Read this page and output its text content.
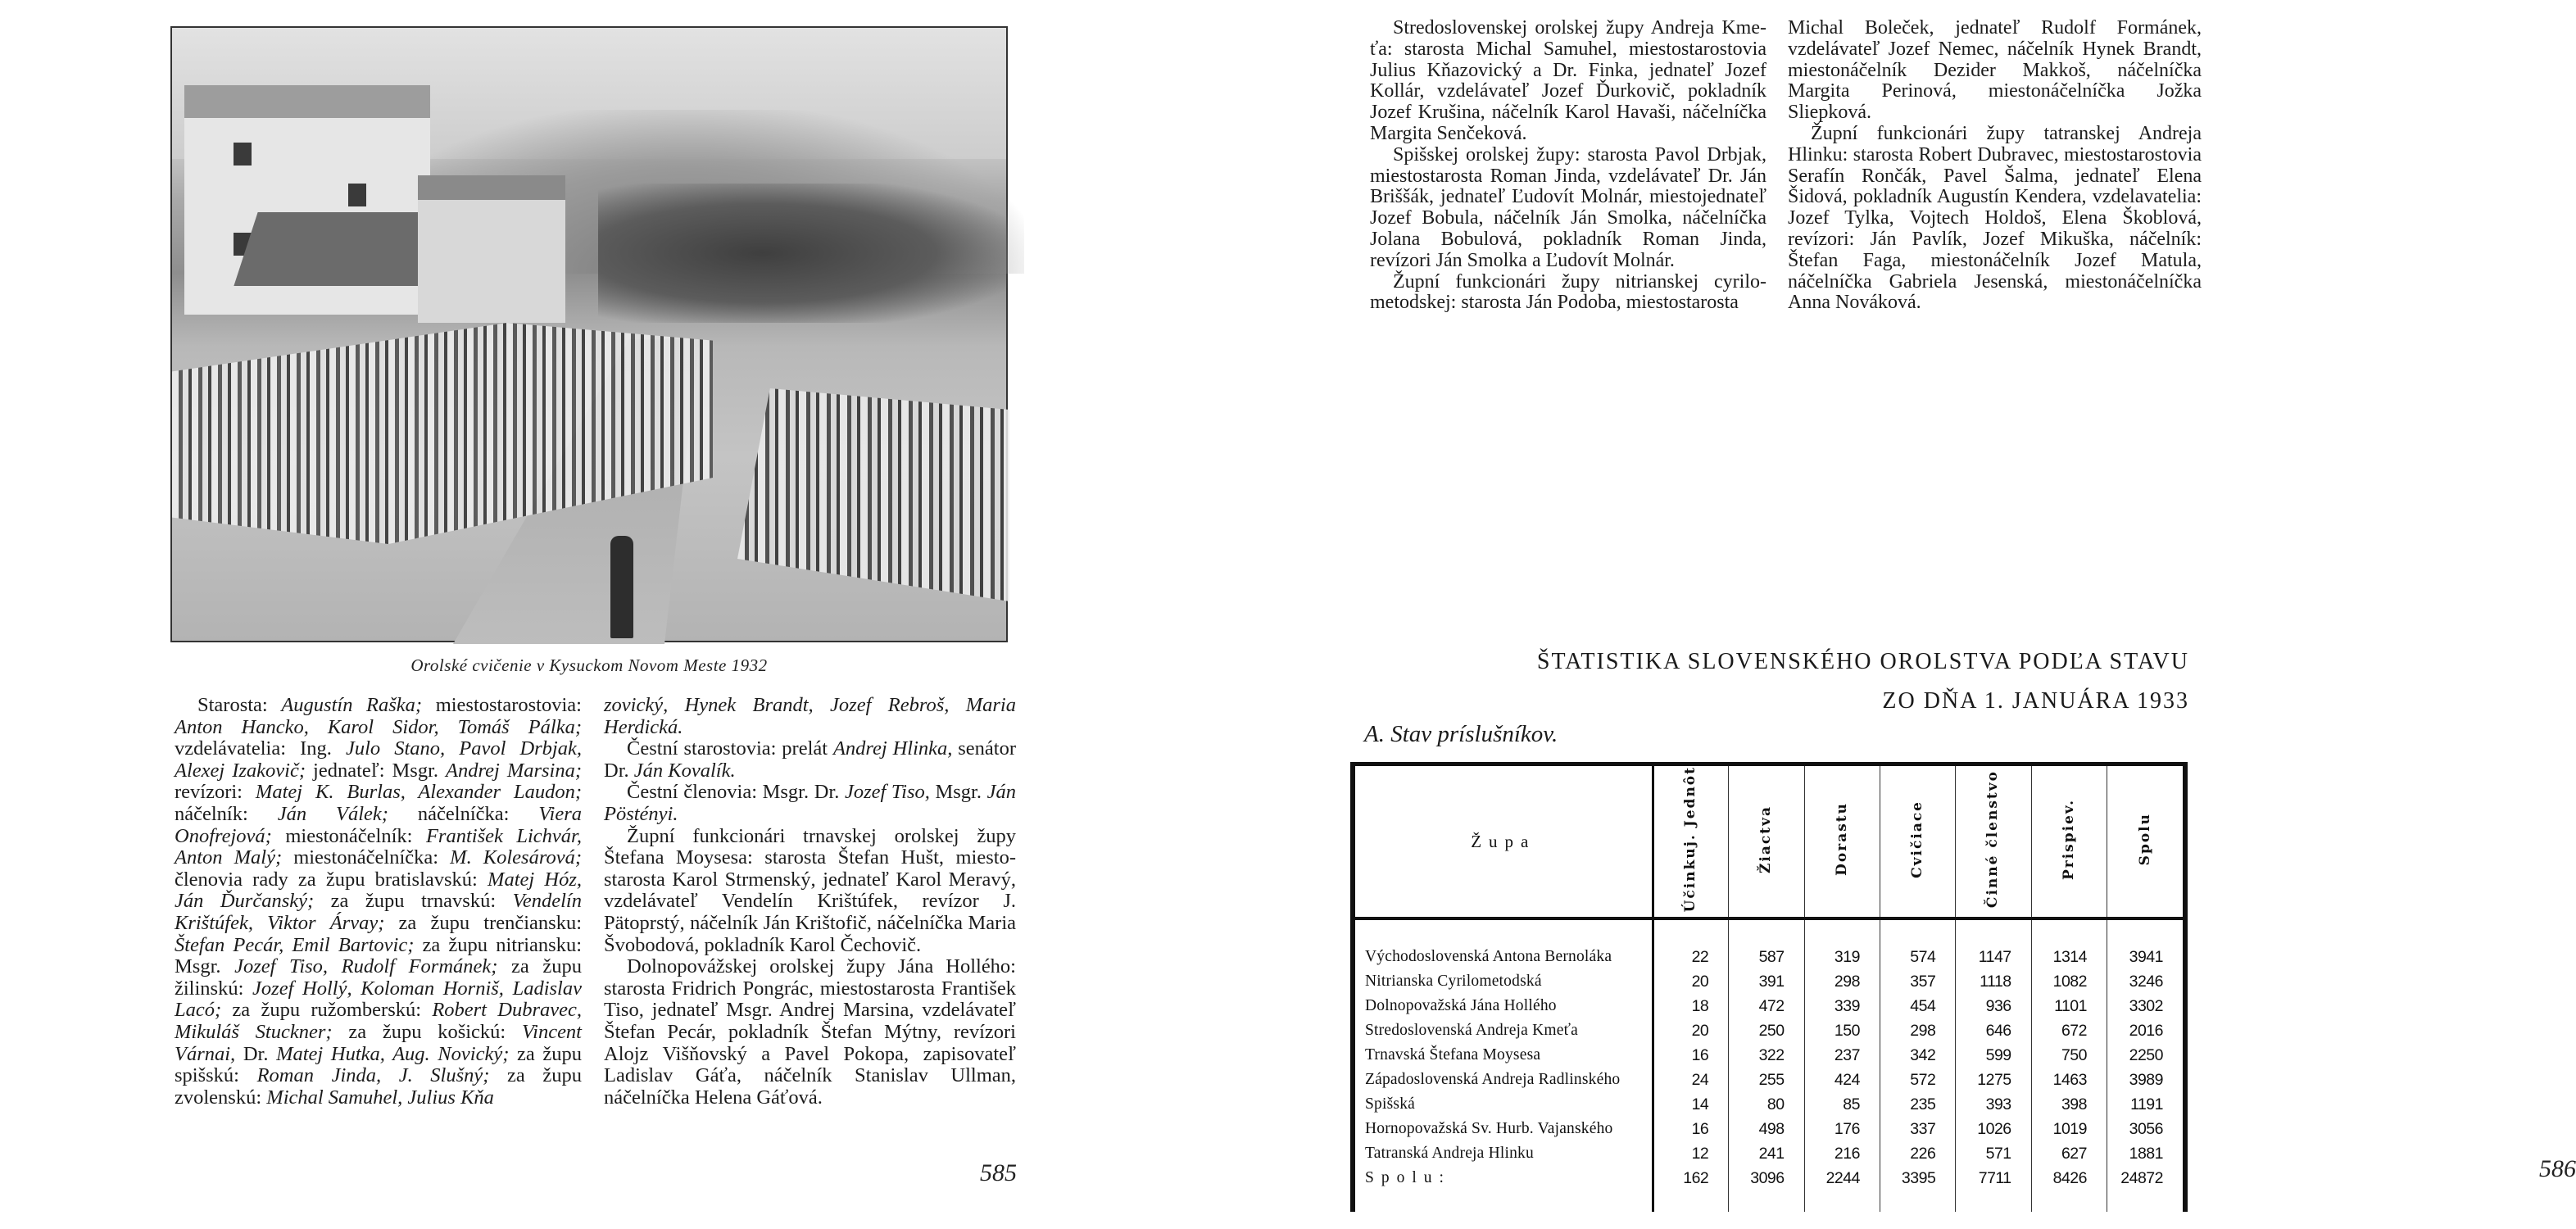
Orolské cvičenie v Kysuckom Novom Meste 1932

Starosta: Augustín Raška; miestostarostovia: Anton Hancko, Karol Sidor, Tomáš Pálka; vzdelávatelia: Ing. Julo Stano, Pavol Drbjak, Alexej Izakovič; jednateľ: Msgr. Andrej Marsina; revízori: Matej K. Burlas, Alexander Laudon; náčelník: Ján Válek; náčelníčka: Viera Onofrejová; miestonáčelník: František Lichvár, Anton Malý; miestonáčelníčka: M. Kolesárová; členovia rady za župu bratislavskú: Matej Hóz, Ján Ďurčanský; za župu trnavskú: Vendelín Krištúfek, Viktor Árvay; za župu trenčiansku: Štefan Pecár, Emil Bartovic; za župu nitriansku: Msgr. Jozef Tiso, Rudolf Formánek; za župu žilinskú: Jozef Hollý, Koloman Horniš, Ladislav Lacó; za župu ružomberskú: Robert Dubravec, Mikuláš Stuckner; za župu košickú: Vincent Várnai, Dr. Matej Hutka, Aug. Novický; za župu spišskú: Roman Jinda, J. Slušný; za župu zvolenskú: Michal Samuhel, Julius Kňa

zovický, Hynek Brandt, Jozef Rebroš, Maria Herdická.

Čestní starostovia: prelát Andrej Hlinka, senátor Dr. Ján Kovalík.

Čestní členovia: Msgr. Dr. Jozef Tiso, Msgr. Ján Pöstényi.

Župní funkcionári trnavskej orolskej župy Štefana Moysesa: starosta Štefan Hušt, miestostarosta Karol Strmenský, jednateľ Karol Meravý, vzdelávateľ Vendelín Krištúfek, revízor J. Pätoprstý, náčelník Ján Krištofič, náčelníčka Maria Švobodová, pokladník Karol Čechovič.

Dolnopovážskej orolskej župy Jána Hollého: starosta Fridrich Pongrác, miestostarosta František Tiso, jednateľ Msgr. Andrej Marsina, vzdelávateľ Štefan Pecár, pokladník Štefan Mýtny, revízori Alojz Višňovský a Pavel Pokopa, zapisovateľ Ladislav Gáťa, náčelník Stanislav Ullman, náčelníčka Helena Gáťová.

585

Stredoslovenskej orolskej župy Andreja Kmeťa: starosta Michal Samuhel, miestostarostovia Julius Kňazovický a Dr. Finka, jednateľ Jozef Kollár, vzdelávateľ Jozef Ďurkovič, pokladník Jozef Krušina, náčelník Karol Havaši, náčelníčka Margita Senčeková.

Spišskej orolskej župy: starosta Pavol Drbjak, miestostarosta Roman Jinda, vzdelávateľ Dr. Ján Briššák, jednateľ Ľudovít Molnár, miestojednateľ Jozef Bobula, náčelník Ján Smolka, náčelníčka Jolana Bobulová, pokladník Roman Jinda, revízori Ján Smolka a Ľudovít Molnár.

Župní funkcionári župy nitrianskej cyrilometodskej: starosta Ján Podoba, miestostarosta

Michal Boleček, jednateľ Rudolf Formánek, vzdelávateľ Jozef Nemec, náčelník Hynek Brandt, miestonáčelník Dezider Makkoš, náčelníčka Margita Perinová, miestonáčelníčka Jožka Sliepková.

Župní funkcionári župy tatranskej Andreja Hlinku: starosta Robert Dubravec, miestostarostovia Serafín Rončák, Pavel Šalma, jednateľ Elena Šidová, pokladník Augustín Kendera, vzdelavatelia: Jozef Tylka, Vojtech Holdoš, Elena Škoblová, revízori: Ján Pavlík, Jozef Mikuška, náčelník: Štefan Faga, miestonáčelník Jozef Matula, náčelníčka Gabriela Jesenská, miestonáčelníčka Anna Nováková.

ŠTATISTIKA SLOVENSKÉHO OROLSTVA PODĽA STAVU
ZO DŇA 1. JANUÁRA 1933
A. Stav príslušníkov.
Župa	Účinkuj. Jednôt	Žiactva	Dorastu	Cvičiace	Činné členstvo	Prispiev.	Spolu
Východoslovenská Antona Bernoláka	22	587	319	574	1147	1314	3941
Nitrianska Cyrilometodská	20	391	298	357	1118	1082	3246
Dolnopovažská Jána Hollého	18	472	339	454	936	1101	3302
Stredoslovenská Andreja Kmeťa	20	250	150	298	646	672	2016
Trnavská Štefana Moysesa	16	322	237	342	599	750	2250
Západoslovenská Andreja Radlinského	24	255	424	572	1275	1463	3989
Spišská	14	80	85	235	393	398	1191
Hornopovažská Sv. Hurb. Vajanského	16	498	176	337	1026	1019	3056
Tatranská Andreja Hlinku	12	241	216	226	571	627	1881
Spolu:	162	3096	2244	3395	7711	8426	24872	586
